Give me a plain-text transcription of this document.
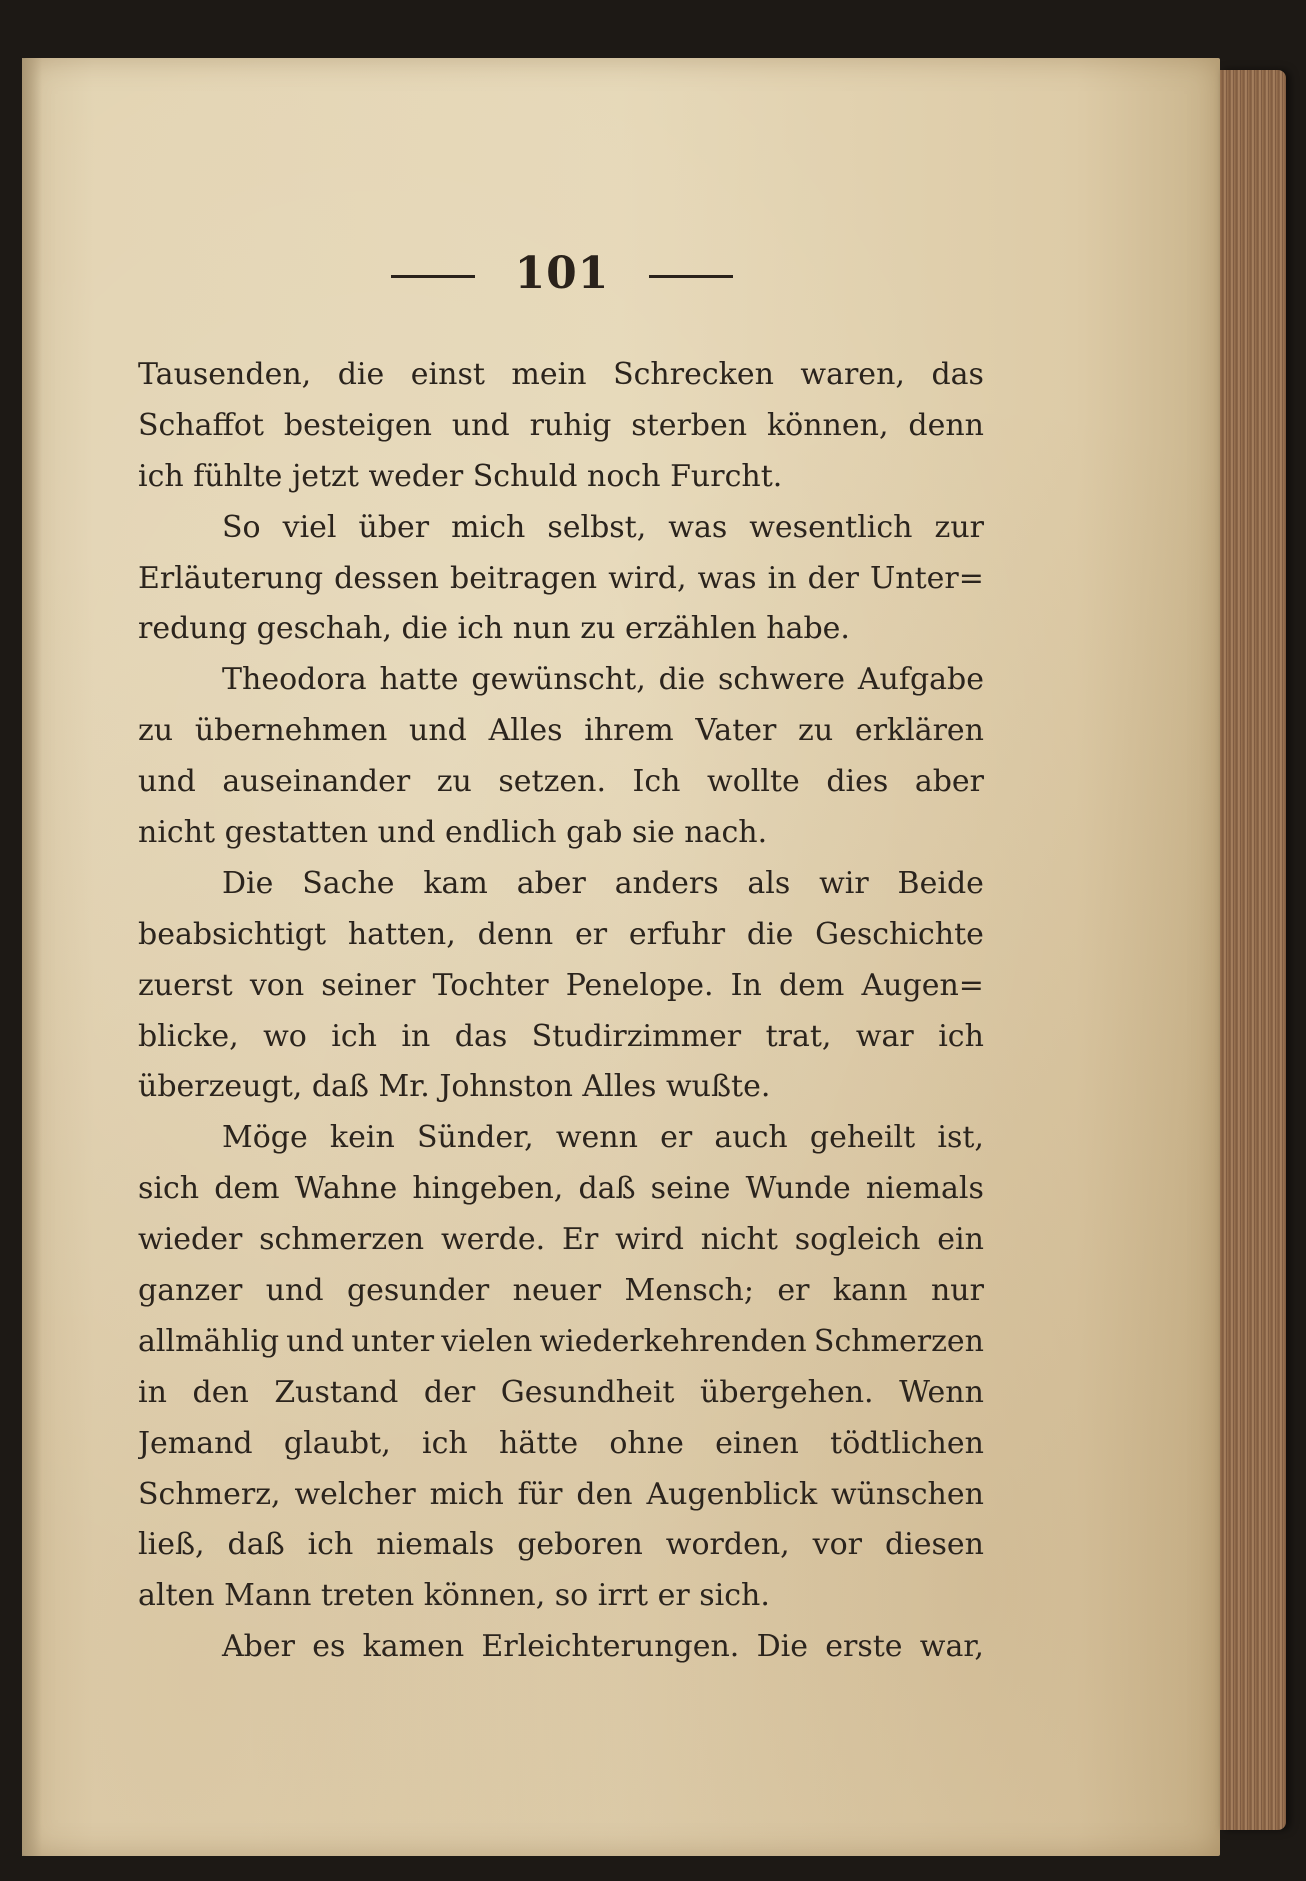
101
Tausenden, die einst mein Schrecken waren, das
Schaffot besteigen und ruhig sterben können, denn
ich fühlte jetzt weder Schuld noch Furcht.
So viel über mich selbst, was wesentlich zur
Erläuterung dessen beitragen wird, was in der Unter=
redung geschah, die ich nun zu erzählen habe.
Theodora hatte gewünscht, die schwere Aufgabe
zu übernehmen und Alles ihrem Vater zu erklären
und auseinander zu setzen. Ich wollte dies aber
nicht gestatten und endlich gab sie nach.
Die Sache kam aber anders als wir Beide
beabsichtigt hatten, denn er erfuhr die Geschichte
zuerst von seiner Tochter Penelope. In dem Augen=
blicke, wo ich in das Studirzimmer trat, war ich
überzeugt, daß Mr. Johnston Alles wußte.
Möge kein Sünder, wenn er auch geheilt ist,
sich dem Wahne hingeben, daß seine Wunde niemals
wieder schmerzen werde. Er wird nicht sogleich ein
ganzer und gesunder neuer Mensch; er kann nur
allmählig und unter vielen wiederkehrenden Schmerzen
in den Zustand der Gesundheit übergehen. Wenn
Jemand glaubt, ich hätte ohne einen tödtlichen
Schmerz, welcher mich für den Augenblick wünschen
ließ, daß ich niemals geboren worden, vor diesen
alten Mann treten können, so irrt er sich.
Aber es kamen Erleichterungen. Die erste war,
